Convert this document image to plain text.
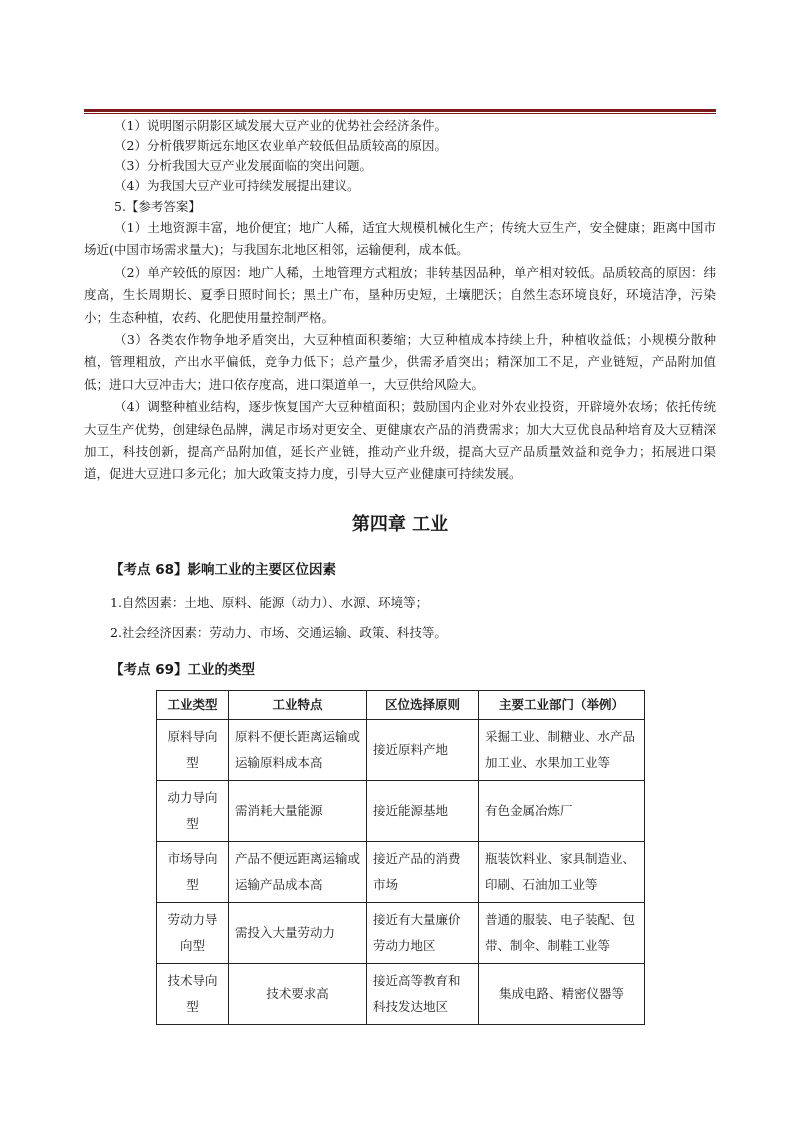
（1）说明图示阴影区域发展大豆产业的优势社会经济条件。

（2）分析俄罗斯远东地区农业单产较低但品质较高的原因。

（3）分析我国大豆产业发展面临的突出问题。

（4）为我国大豆产业可持续发展提出建议。

5.【参考答案】

（1）土地资源丰富，地价便宜；地广人稀，适宜大规模机械化生产；传统大豆生产，安全健康；距离中国市场近(中国市场需求量大)；与我国东北地区相邻，运输便利，成本低。

（2）单产较低的原因：地广人稀，土地管理方式粗放；非转基因品种，单产相对较低。品质较高的原因：纬度高，生长周期长、夏季日照时间长；黑土广布，垦种历史短，土壤肥沃；自然生态环境良好，环境洁净，污染小；生态种植，农药、化肥使用量控制严格。

（3）各类农作物争地矛盾突出，大豆种植面积萎缩；大豆种植成本持续上升，种植收益低；小规模分散种植，管理粗放，产出水平偏低，竞争力低下；总产量少，供需矛盾突出；精深加工不足，产业链短，产品附加值低；进口大豆冲击大；进口依存度高，进口渠道单一，大豆供给风险大。

（4）调整种植业结构，逐步恢复国产大豆种植面积；鼓励国内企业对外农业投资，开辟境外农场；依托传统大豆生产优势，创建绿色品牌，满足市场对更安全、更健康农产品的消费需求；加大大豆优良品种培育及大豆精深加工，科技创新，提高产品附加值，延长产业链，推动产业升级，提高大豆产品质量效益和竞争力；拓展进口渠道，促进大豆进口多元化；加大政策支持力度，引导大豆产业健康可持续发展。

第四章 工业

【考点 68】影响工业的主要区位因素

1.自然因素：土地、原料、能源（动力）、水源、环境等；

2.社会经济因素：劳动力、市场、交通运输、政策、科技等。

【考点 69】工业的类型

工业类型	工业特点	区位选择原则	主要工业部门（举例）
原料导向型	原料不便长距离运输或运输原料成本高	接近原料产地	采掘工业、制糖业、水产品加工业、水果加工业等
动力导向型	需消耗大量能源	接近能源基地	有色金属冶炼厂
市场导向型	产品不便远距离运输或运输产品成本高	接近产品的消费市场	瓶装饮料业、家具制造业、印刷、石油加工业等
劳动力导向型	需投入大量劳动力	接近有大量廉价劳动力地区	普通的服装、电子装配、包带、制伞、制鞋工业等
技术导向型	技术要求高	接近高等教育和科技发达地区	集成电路、精密仪器等
